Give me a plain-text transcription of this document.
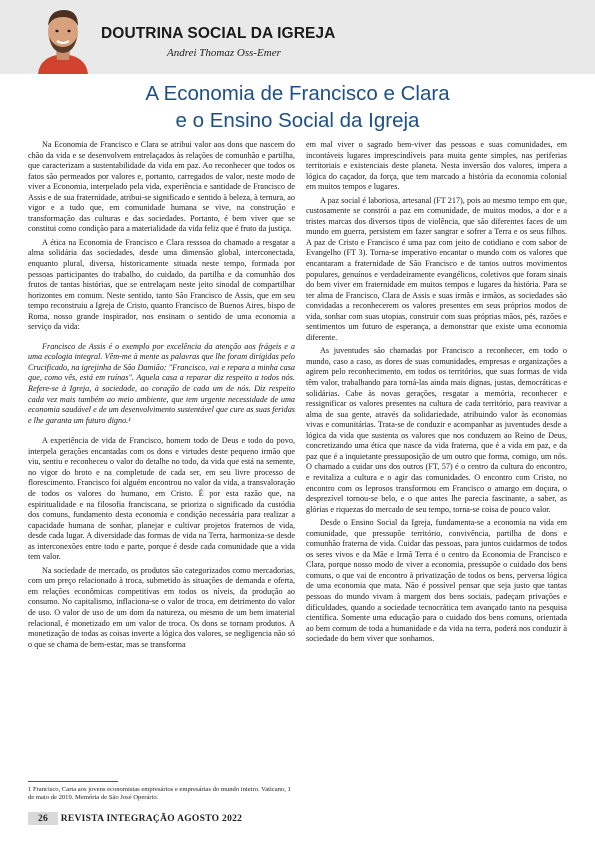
DOUTRINA SOCIAL DA IGREJA
Andrei Thomaz Oss-Emer
A Economia de Francisco e Clara
e o Ensino Social da Igreja

Na Economia de Francisco e Clara se atribui valor aos dons que nascem do chão da vida e se desenvolvem entrelaçados às relações de comunhão e partilha, que caracterizam a sustentabilidade da vida em paz. Ao reconhecer que todos os fatos são permeados por valores e, portanto, carregados de valor, neste modo de viver a Economia, interpelado pela vida, experiência e santidade de Francisco de Assis e de sua fraternidade, atribui-se significado e sentido à beleza, à ternura, ao vigor e a tudo que, em comunidade humana se vive, na construção e transformação das culturas e das sociedades. Portanto, é bem viver que se constitui como condição para a materialidade da vida feliz que é fruto da justiça.

A ética na Economia de Francisco e Clara resssoa do chamado a resgatar a alma solidária das sociedades, desde uma dimensão global, interconectada, enquanto plural, diversa, historicamente situada neste tempo, formada por pessoas participantes do trabalho, do cuidado, da partilha e da comunhão dos frutos de tantas histórias, que se entrelaçam neste jeito sinodal de compartilhar horizontes em comum. Neste sentido, tanto São Francisco de Assis, que em seu tempo reconstruiu a Igreja de Cristo, quanto Francisco de Buenos Aires, bispo de Roma, nosso grande inspirador, nos ensinam o sentido de uma economia a serviço da vida:

Francisco de Assis é o exemplo por excelência da atenção aos frágeis e a uma ecologia integral. Vêm-me à mente as palavras que lhe foram dirigidas pelo Crucificado, na igrejinha de São Damião: "Francisco, vai e repara a minha casa que, como vês, está em ruínas". Aquela casa a reparar diz respeito a todos nós. Refere-se à Igreja, à sociedade, ao coração de cada um de nós. Diz respeito cada vez mais também ao meio ambiente, que tem urgente necessidade de uma economia saudável e de um desenvolvimento sustentável que cure as suas feridas e lhe garanta um futuro digno.¹

A experiência de vida de Francisco, homem todo de Deus e todo do povo, interpela gerações encantadas com os dons e virtudes deste pequeno irmão que viu, sentiu e reconheceu o valor do detalhe no todo, da vida que está na semente, no vigor do broto e na completude de cada ser, em seu livre processo de florescimento. Francisco foi alguém encontrou no valor da vida, a transvaloração de todos os valores do humano, em Cristo. É por esta razão que, na espiritualidade e na filosofia franciscana, se prioriza o significado da custódia dos comuns, fundamento desta economia e condição necessária para realizar a capacidade humana de sonhar, planejar e cultivar projetos fraternos de vida, desde cada lugar. A diversidade das formas de vida na Terra, harmoniza-se desde as interconexões entre todo e parte, porque é desde cada comunidade que a vida tem valor.

Na sociedade de mercado, os produtos são categorizados como mercadorias, com um preço relacionado à troca, submetido às situações de demanda e oferta, em relações econômicas competitivas em todos os níveis, da produção ao consumo. No capitalismo, inflaciona-se o valor de troca, em detrimento do valor de uso. O valor de uso de um dom da natureza, ou mesmo de um bem imaterial relacional, é monetizado em um valor de troca. Os dons se tornam produtos. A monetização de todas as coisas inverte a lógica dos valores, se negligencia não só o que se chama de bem-estar, mas se transforma

em mal viver o sagrado bem-viver das pessoas e suas comunidades, em incontáveis lugares imprescindíveis para muita gente simples, nas periferias territoriais e existenciais deste planeta. Nesta inversão dos valores, impera a lógica do caçador, da força, que tem marcado a história da economia colonial em muitos tempos e lugares.

A paz social é laboriosa, artesanal (FT 217), pois ao mesmo tempo em que, custosamente se constrói a paz em comunidade, de muitos modos, a dor e a tristes marcas dos diversos tipos de violência, que são diferentes faces de um mundo em guerra, persistem em fazer sangrar e sofrer a Terra e os seus filhos. A paz de Cristo e Francisco é uma paz com jeito de cotidiano e com sabor de Evangelho (FT 3). Torna-se imperativo encantar o mundo com os valores que encantaram a fraternidade de São Francisco e de tantos outros movimentos populares, genuínos e verdadeiramente evangélicos, coletivos que foram sinais do bem viver em fraternidade em muitos tempos e lugares da história. Para se ter alma de Francisco, Clara de Assis e suas irmãs e irmãos, as sociedades são convidadas a reconhecerem os valores presentes em seus próprios modos de vida, sonhar com suas utopias, construir com suas próprias mãos, pés, razões e sentimentos um futuro de esperança, a demonstrar que existe uma economia diferente.

As juventudes são chamadas por Francisco a reconhecer, em todo o mundo, caso a caso, as dores de suas comunidades, empresas e organizações a agirem pelo reconhecimento, em todos os territórios, que suas formas de vida têm valor, trabalhando para torná-las ainda mais dignas, justas, democráticas e solidárias. Cabe às novas gerações, resgatar a memória, reconhecer e ressignificar os valores presentes na cultura de cada território, para reavivar a alma de sua gente, através da solidariedade, atribuindo valor às economias vivas e comunitárias. Trata-se de conduzir e acompanhar as juventudes desde a lógica da vida que sustenta os valores que nos conduzem ao Reino de Deus, concretizando uma ética que nasce da vida fraterna, que é a vida em paz, e da paz que é a inquietante pressuposição de um outro que forma, comigo, um nós. O chamado a cuidar uns dos outros (FT, 57) é o centro da cultura do encontro, e revitaliza a cultura e o agir das comunidades. O encontro com Cristo, no encontro com os leprosos transformou em Francisco o amargo em doçura, o desprezível tornou-se belo, e o que antes lhe parecia fascinante, a saber, as glórias e riquezas do mercado de seu tempo, torna-se coisa de pouco valor.

Desde o Ensino Social da Igreja, fundamenta-se a economia na vida em comunidade, que pressupõe território, convivência, partilha de dons e comunhão fraterna de vida. Cuidar das pessoas, para juntos cuidarmos de todos os seres vivos e da Mãe e Irmã Terra é o centro da Economia de Francisco e Clara, porque nosso modo de viver a economia, pressupõe o cuidado dos bens comuns, o que vai de encontro à privatização de todos os bens, perversa lógica de uma economia que mata. Não é possível pensar que seja justo que tantas pessoas do mundo vivam à margem dos bens sociais, padeçam privações e dificuldades, quando a sociedade tecnocrática tem avançado tanto na pesquisa científica. Somente uma educação para o cuidado dos bens comuns, orientada ao bem comum de toda a humanidade e da vida na terra, poderá nos conduzir à sociedade do bem viver que sonhamos.

1 Francisco, Carta aos jovens economistas empresários e empresárias do mundo inteiro. Vaticano, 1 de maio de 2019. Memória de São José Operário.
26 REVISTA INTEGRAÇÃO AGOSTO 2022
